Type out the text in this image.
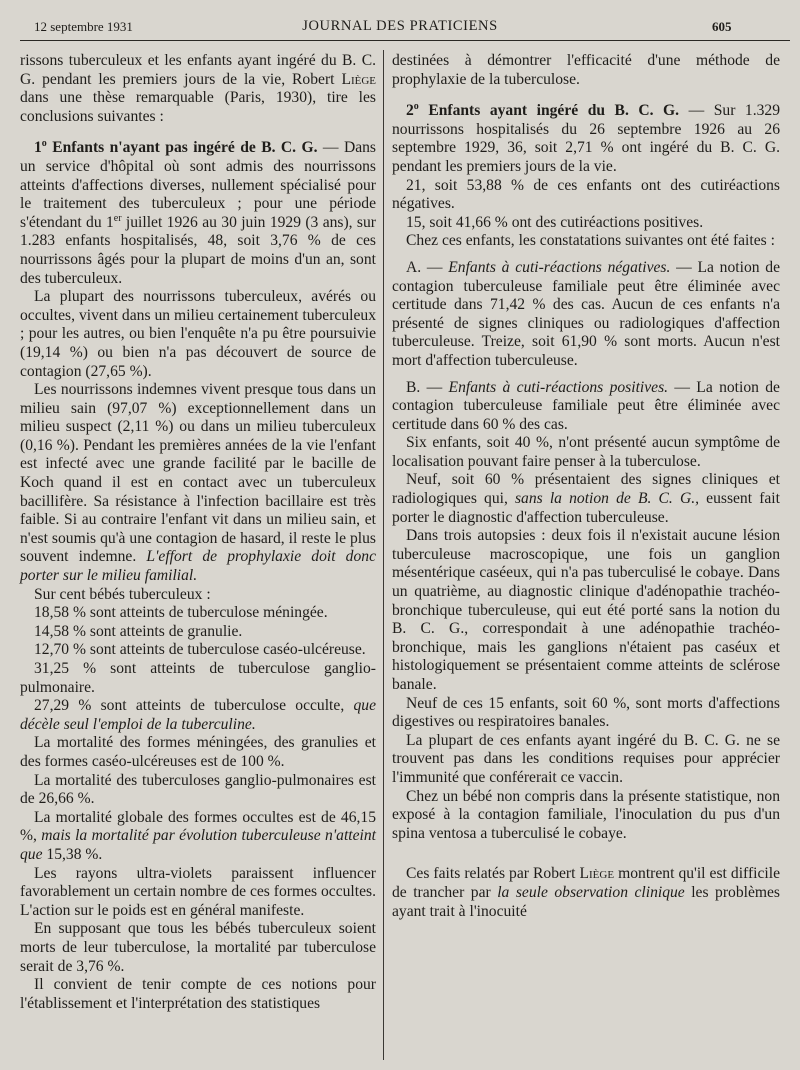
12 septembre 1931	JOURNAL DES PRATICIENS	605

rissons tuberculeux et les enfants ayant ingéré du B. C. G. pendant les premiers jours de la vie, Robert Liège dans une thèse remarquable (Paris, 1930), tire les conclusions suivantes :

1$^o$ Enfants n'ayant pas ingéré de B. C. G. — Dans un service d'hôpital où sont admis des nourrissons atteints d'affections diverses, nullement spécialisé pour le traitement des tuberculeux ; pour une période s'étendant du 1er juillet 1926 au 30 juin 1929 (3 ans), sur 1.283 enfants hospitalisés, 48, soit 3,76 % de ces nourrissons âgés pour la plupart de moins d'un an, sont des tuberculeux.

La plupart des nourrissons tuberculeux, avérés ou occultes, vivent dans un milieu certainement tuberculeux ; pour les autres, ou bien l'enquête n'a pu être poursuivie (19,14 %) ou bien n'a pas découvert de source de contagion (27,65 %).

Les nourrissons indemnes vivent presque tous dans un milieu sain (97,07 %) exceptionnellement dans un milieu suspect (2,11 %) ou dans un milieu tuberculeux (0,16 %). Pendant les premières années de la vie l'enfant est infecté avec une grande facilité par le bacille de Koch quand il est en contact avec un tuberculeux bacillifère. Sa résistance à l'infection bacillaire est très faible. Si au contraire l'enfant vit dans un milieu sain, et n'est soumis qu'à une contagion de hasard, il reste le plus souvent indemne. L'effort de prophylaxie doit donc porter sur le milieu familial.

Sur cent bébés tuberculeux :

18,58 % sont atteints de tuberculose méningée.

14,58 % sont atteints de granulie.

12,70 % sont atteints de tuberculose caséo-ulcéreuse.

31,25 % sont atteints de tuberculose ganglio-pulmonaire.

27,29 % sont atteints de tuberculose occulte, que décèle seul l'emploi de la tuberculine.

La mortalité des formes méningées, des granulies et des formes caséo-ulcéreuses est de 100 %.

La mortalité des tuberculoses ganglio-pulmonaires est de 26,66 %.

La mortalité globale des formes occultes est de 46,15 %, mais la mortalité par évolution tuberculeuse n'atteint que 15,38 %.

Les rayons ultra-violets paraissent influencer favorablement un certain nombre de ces formes occultes. L'action sur le poids est en général manifeste.

En supposant que tous les bébés tuberculeux soient morts de leur tuberculose, la mortalité par tuberculose serait de 3,76 %.

Il convient de tenir compte de ces notions pour l'établissement et l'interprétation des statistiques

destinées à démontrer l'efficacité d'une méthode de prophylaxie de la tuberculose.

2$^o$ Enfants ayant ingéré du B. C. G. — Sur 1.329 nourrissons hospitalisés du 26 septembre 1926 au 26 septembre 1929, 36, soit 2,71 % ont ingéré du B. C. G. pendant les premiers jours de la vie.

21, soit 53,88 % de ces enfants ont des cutiréactions négatives.

15, soit 41,66 % ont des cutiréactions positives.

Chez ces enfants, les constatations suivantes ont été faites :

A. — Enfants à cuti-réactions négatives. — La notion de contagion tuberculeuse familiale peut être éliminée avec certitude dans 71,42 % des cas. Aucun de ces enfants n'a présenté de signes cliniques ou radiologiques d'affection tuberculeuse. Treize, soit 61,90 % sont morts. Aucun n'est mort d'affection tuberculeuse.

B. — Enfants à cuti-réactions positives. — La notion de contagion tuberculeuse familiale peut être éliminée avec certitude dans 60 % des cas.

Six enfants, soit 40 %, n'ont présenté aucun symptôme de localisation pouvant faire penser à la tuberculose.

Neuf, soit 60 % présentaient des signes cliniques et radiologiques qui, sans la notion de B. C. G., eussent fait porter le diagnostic d'affection tuberculeuse.

Dans trois autopsies : deux fois il n'existait aucune lésion tuberculeuse macroscopique, une fois un ganglion mésentérique caséeux, qui n'a pas tuberculisé le cobaye. Dans un quatrième, au diagnostic clinique d'adénopathie trachéo-bronchique tuberculeuse, qui eut été porté sans la notion du B. C. G., correspondait à une adénopathie trachéo-bronchique, mais les ganglions n'étaient pas caséux et histologiquement se présentaient comme atteints de sclérose banale.

Neuf de ces 15 enfants, soit 60 %, sont morts d'affections digestives ou respiratoires banales.

La plupart de ces enfants ayant ingéré du B. C. G. ne se trouvent pas dans les conditions requises pour apprécier l'immunité que conférerait ce vaccin.

Chez un bébé non compris dans la présente statistique, non exposé à la contagion familiale, l'inoculation du pus d'un spina ventosa a tuberculisé le cobaye.

Ces faits relatés par Robert Liège montrent qu'il est difficile de trancher par la seule observation clinique les problèmes ayant trait à l'inocuité
